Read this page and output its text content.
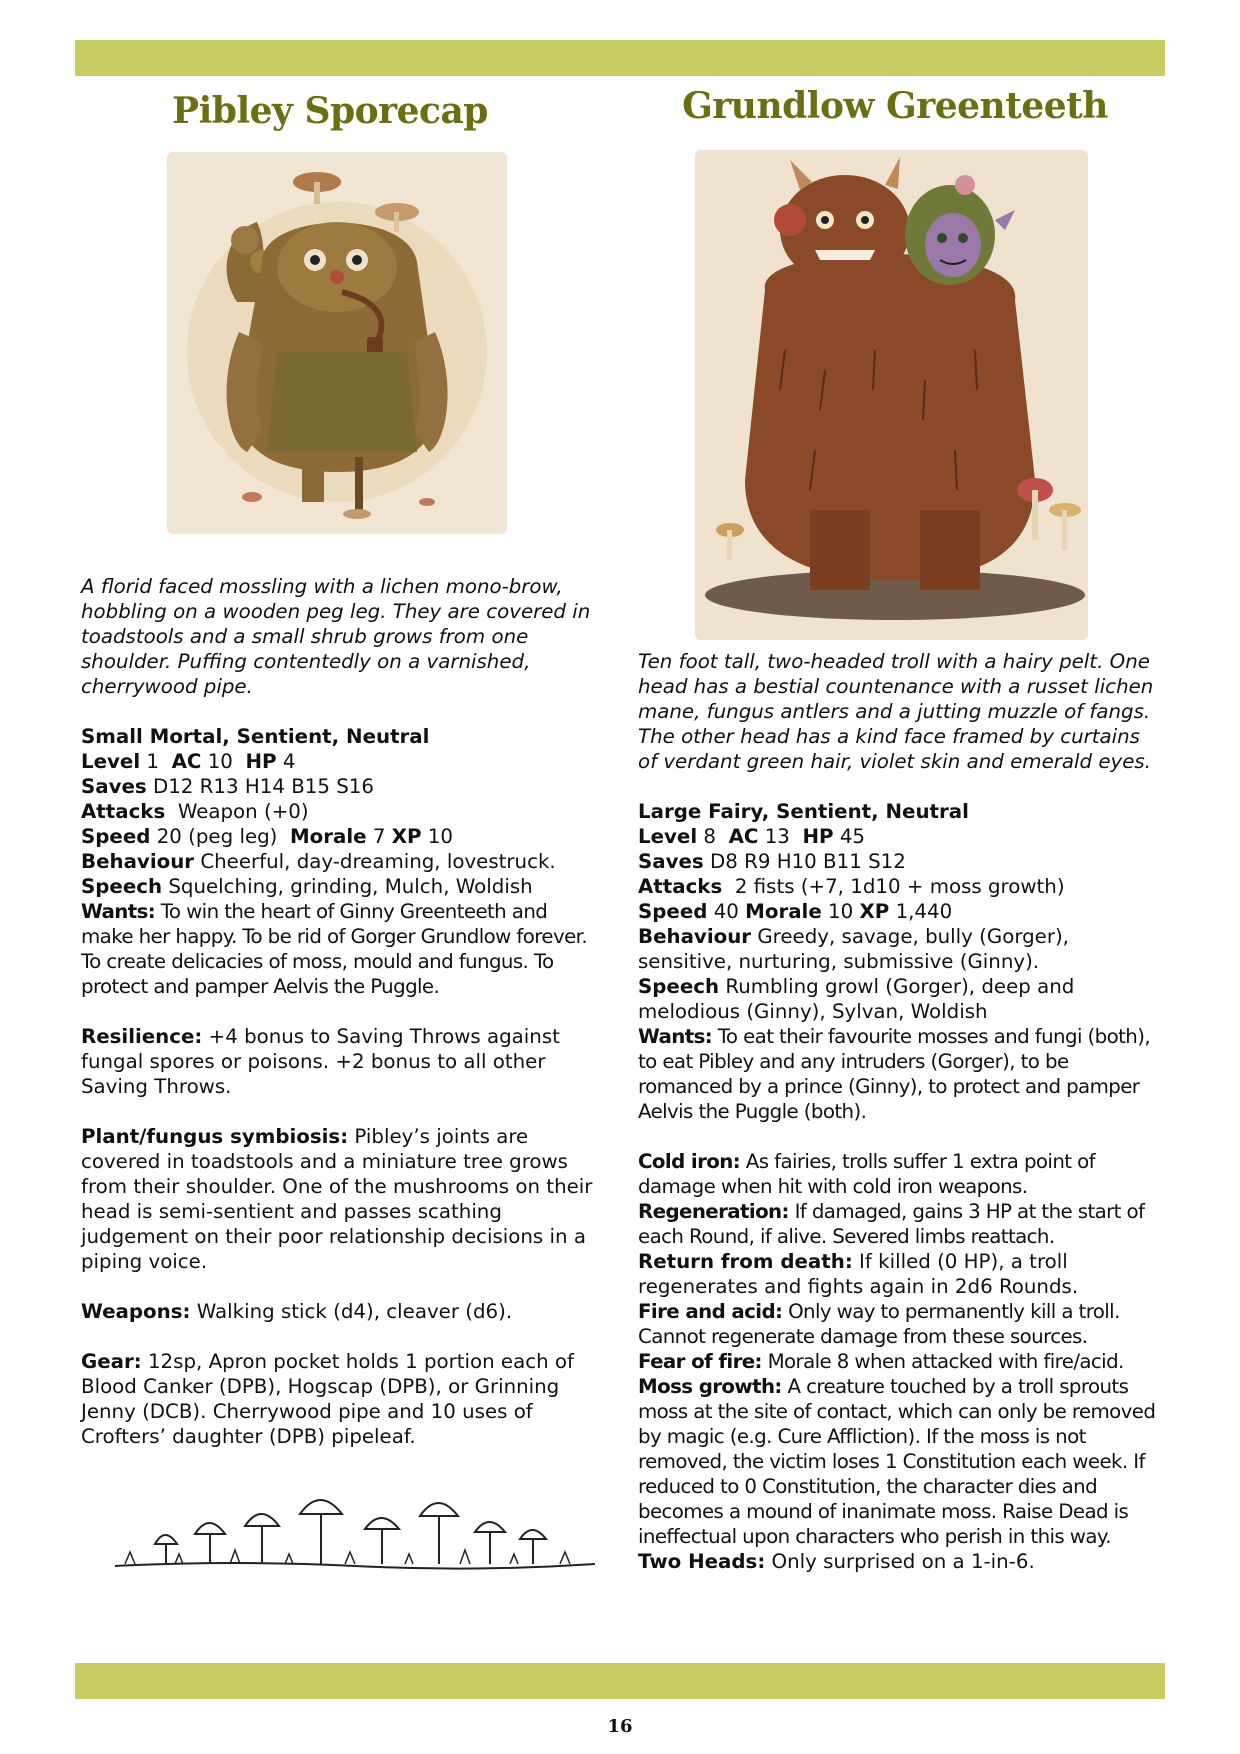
Pibley Sporecap

A florid faced mossling with a lichen mono-brow, hobbling on a wooden peg leg. They are covered in toadstools and a small shrub grows from one shoulder. Puffing contentedly on a varnished, cherrywood pipe.

Small Mortal, Sentient, Neutral

Level 1 AC 10 HP 4

Saves D12 R13 H14 B15 S16

Attacks Weapon (+0)

Speed 20 (peg leg) Morale 7 XP 10

Behaviour Cheerful, day-dreaming, lovestruck.

Speech Squelching, grinding, Mulch, Woldish

Wants: To win the heart of Ginny Greenteeth and make her happy. To be rid of Gorger Grundlow forever. To create delicacies of moss, mould and fungus. To protect and pamper Aelvis the Puggle.

Resilience: +4 bonus to Saving Throws against fungal spores or poisons. +2 bonus to all other Saving Throws.

Plant/fungus symbiosis: Pibley’s joints are covered in toadstools and a miniature tree grows from their shoulder. One of the mushrooms on their head is semi-sentient and passes scathing judgement on their poor relationship decisions in a piping voice.

Weapons: Walking stick (d4), cleaver (d6).

Gear: 12sp, Apron pocket holds 1 portion each of Blood Canker (DPB), Hogscap (DPB), or Grinning Jenny (DCB). Cherrywood pipe and 10 uses of Crofters’ daughter (DPB) pipeleaf.

Grundlow Greenteeth

Ten foot tall, two-headed troll with a hairy pelt. One head has a bestial countenance with a russet lichen mane, fungus antlers and a jutting muzzle of fangs. The other head has a kind face framed by curtains of verdant green hair, violet skin and emerald eyes.

Large Fairy, Sentient, Neutral

Level 8 AC 13 HP 45

Saves D8 R9 H10 B11 S12

Attacks 2 fists (+7, 1d10 + moss growth)

Speed 40 Morale 10 XP 1,440

Behaviour Greedy, savage, bully (Gorger), sensitive, nurturing, submissive (Ginny).

Speech Rumbling growl (Gorger), deep and melodious (Ginny), Sylvan, Woldish

Wants: To eat their favourite mosses and fungi (both), to eat Pibley and any intruders (Gorger), to be romanced by a prince (Ginny), to protect and pamper Aelvis the Puggle (both).

Cold iron: As fairies, trolls suffer 1 extra point of damage when hit with cold iron weapons.

Regeneration: If damaged, gains 3 HP at the start of each Round, if alive. Severed limbs reattach.

Return from death: If killed (0 HP), a troll regenerates and fights again in 2d6 Rounds.

Fire and acid: Only way to permanently kill a troll. Cannot regenerate damage from these sources.

Fear of fire: Morale 8 when attacked with fire/acid.

Moss growth: A creature touched by a troll sprouts moss at the site of contact, which can only be removed by magic (e.g. Cure Affliction). If the moss is not removed, the victim loses 1 Constitution each week. If reduced to 0 Constitution, the character dies and becomes a mound of inanimate moss. Raise Dead is ineffectual upon characters who perish in this way.

Two Heads: Only surprised on a 1-in-6.

16
